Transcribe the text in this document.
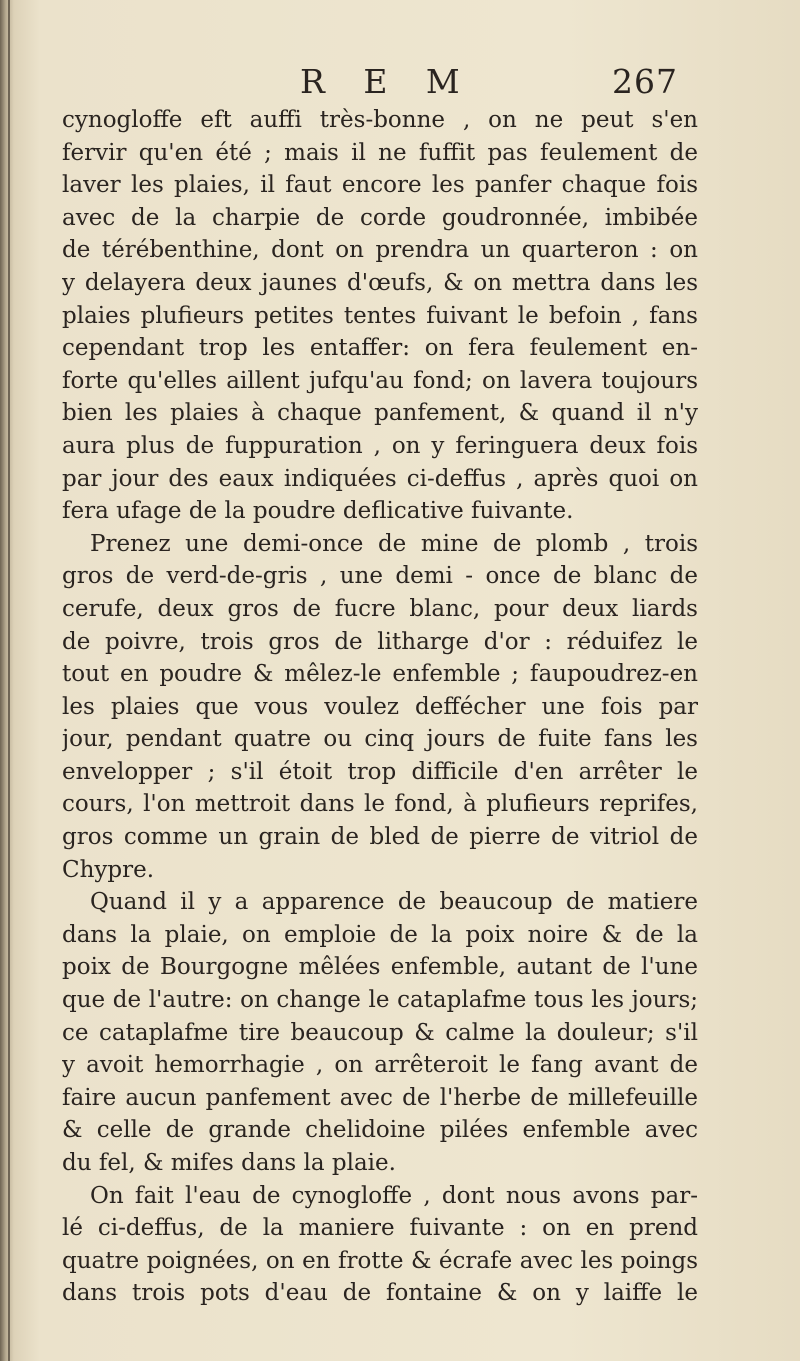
R E M	267
cynogloffe eft auffi très-bonne , on ne peut s'en
fervir qu'en été ; mais il ne fuffit pas feulement de
laver les plaies, il faut encore les panfer chaque fois
avec de la charpie de corde goudronnée, imbibée
de térébenthine, dont on prendra un quarteron : on
y delayera deux jaunes d'œufs, & on mettra dans les
plaies plufieurs petites tentes fuivant le befoin , fans
cependant trop les entaffer: on fera feulement en-
forte qu'elles aillent jufqu'au fond; on lavera toujours
bien les plaies à chaque panfement, & quand il n'y
aura plus de fuppuration , on y feringuera deux fois
par jour des eaux indiquées ci-deffus , après quoi on
fera ufage de la poudre deflicative fuivante.
Prenez une demi-once de mine de plomb , trois
gros de verd-de-gris , une demi - once de blanc de
cerufe, deux gros de fucre blanc, pour deux liards
de poivre, trois gros de litharge d'or : réduifez le
tout en poudre & mêlez-le enfemble ; faupoudrez-en
les plaies que vous voulez deffécher une fois par
jour, pendant quatre ou cinq jours de fuite fans les
envelopper ; s'il étoit trop difficile d'en arrêter le
cours, l'on mettroit dans le fond, à plufieurs reprifes,
gros comme un grain de bled de pierre de vitriol de
Chypre.
Quand il y a apparence de beaucoup de matiere
dans la plaie, on emploie de la poix noire & de la
poix de Bourgogne mêlées enfemble, autant de l'une
que de l'autre: on change le cataplafme tous les jours;
ce cataplafme tire beaucoup & calme la douleur; s'il
y avoit hemorrhagie , on arrêteroit le fang avant de
faire aucun panfement avec de l'herbe de millefeuille
& celle de grande chelidoine pilées enfemble avec
du fel, & mifes dans la plaie.
On fait l'eau de cynogloffe , dont nous avons par-
lé ci-deffus, de la maniere fuivante : on en prend
quatre poignées, on en frotte & écrafe avec les poings
dans trois pots d'eau de fontaine & on y laiffe le
